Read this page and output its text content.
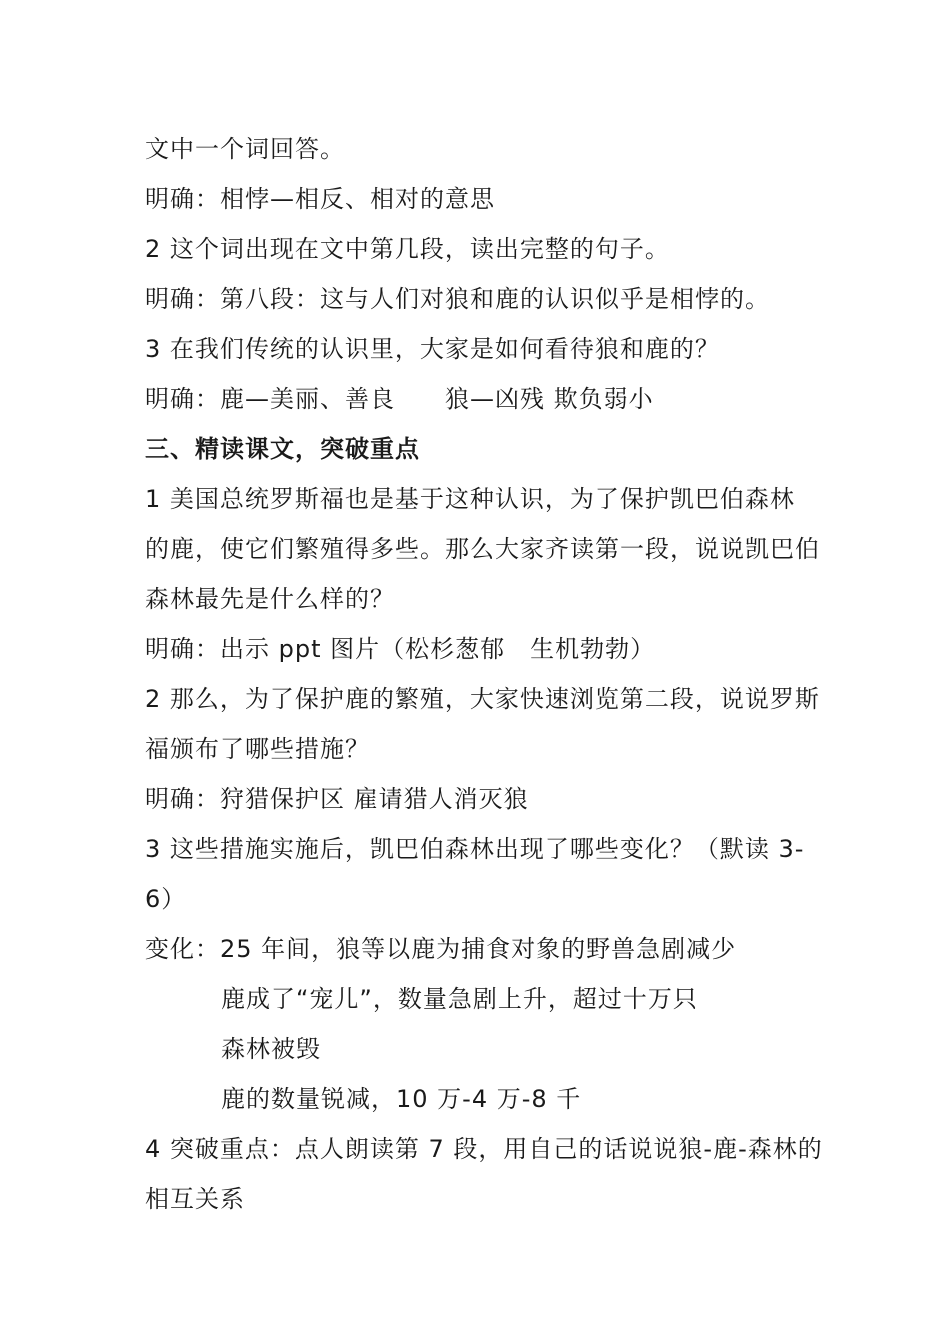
文中一个词回答。
明确：相悖—相反、相对的意思
2 这个词出现在文中第几段，读出完整的句子。
明确：第八段：这与人们对狼和鹿的认识似乎是相悖的。
3 在我们传统的认识里，大家是如何看待狼和鹿的？
明确：鹿—美丽、善良　　狼—凶残 欺负弱小
三、精读课文，突破重点
1 美国总统罗斯福也是基于这种认识，为了保护凯巴伯森林
的鹿，使它们繁殖得多些。那么大家齐读第一段，说说凯巴伯
森林最先是什么样的？
明确：出示 ppt 图片（松杉葱郁　生机勃勃）
2 那么，为了保护鹿的繁殖，大家快速浏览第二段，说说罗斯
福颁布了哪些措施？
明确：狩猎保护区 雇请猎人消灭狼
3 这些措施实施后，凯巴伯森林出现了哪些变化？（默读 3-
6）
变化：25 年间，狼等以鹿为捕食对象的野兽急剧减少
鹿成了“宠儿”，数量急剧上升，超过十万只
森林被毁
鹿的数量锐减，10 万-4 万-8 千
4 突破重点：点人朗读第 7 段，用自己的话说说狼-鹿-森林的
相互关系
